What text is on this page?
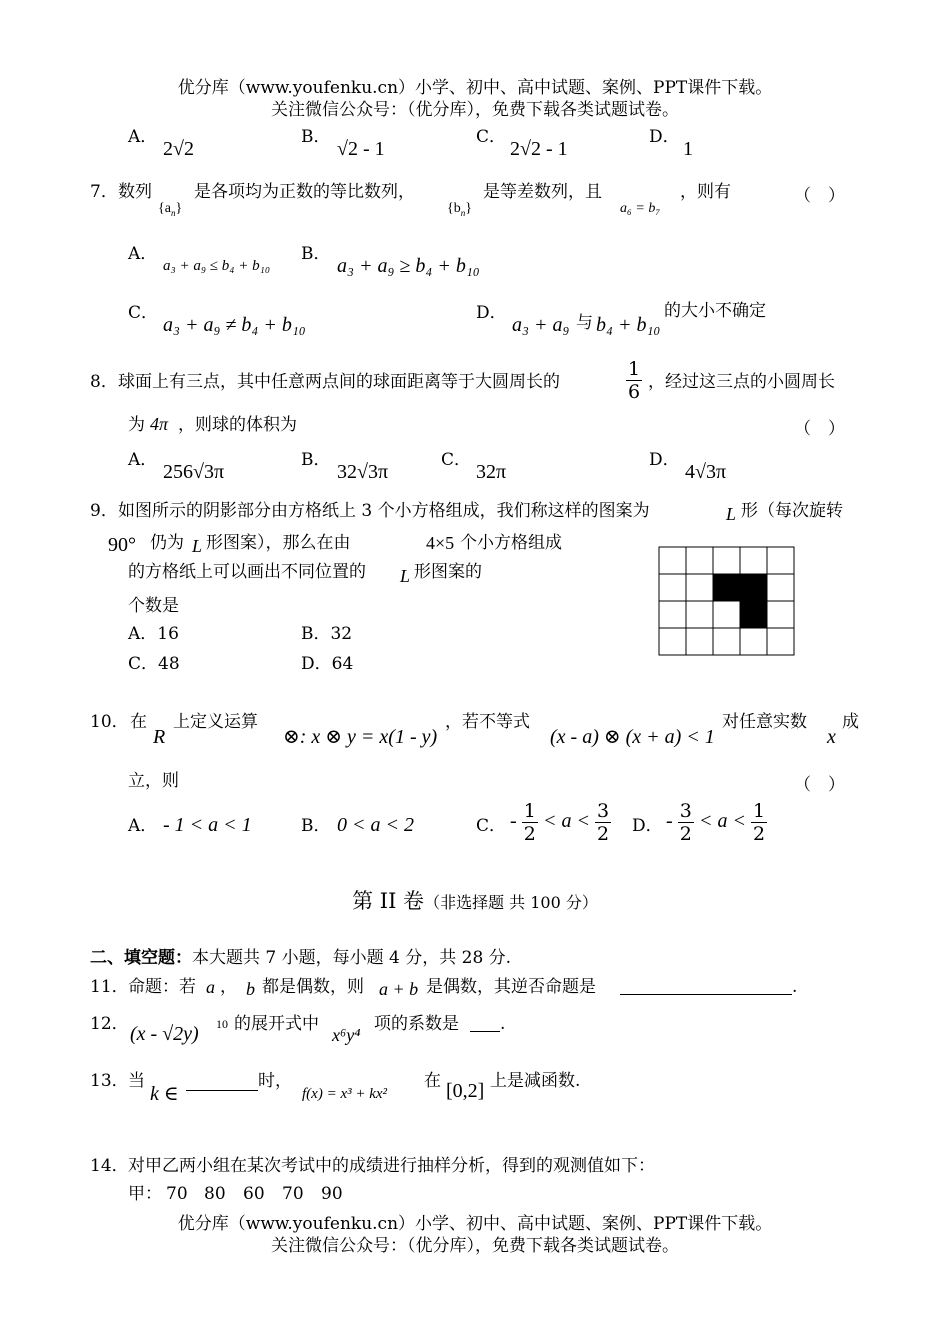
优分库（www.youfenku.cn）小学、初中、高中试题、案例、PPT课件下载。
关注微信公众号：（优分库），免费下载各类试题试卷。
A．
2√2
B．
√2 - 1
C．
2√2 - 1
D．
1
7． 数列
$\{a_n\}$
是各项均为正数的等比数列，
$\{b_n\}$
是等差数列，且
a₆ = b₇
，则有	（　）
A．
a₃ + a₉ ≤ b₄ + b₁₀
B．
a₃ + a₉ ≥ b₄ + b₁₀
C．
a₃ + a₉ ≠ b₄ + b₁₀
D．
a₃ + a₉ 与 b₄ + b₁₀
的大小不确定
8． 球面上有三点，其中任意两点间的球面距离等于大圆周长的	$\frac{1}{6}$ ，经过这三点的小圆周长
为 4π ，则球的体积为	（　）
A．
256√3π
B．
32√3π
C．
32π
D．
4√3π
9． 如图所示的阴影部分由方格纸上 3 个小方格组成，我们称这样的图案为	L 形（每次旋转
90° 仍为 L 形图案），那么在由	4×5 个小方格组成
的方格纸上可以画出不同位置的 L 形图案的
个数是
A．16	B．32
C．48	D．64
10． 在
R
上定义运算
⊗: x ⊗ y = x(1 - y)
，若不等式
(x - a) ⊗ (x + a) < 1
对任意实数
x
成
立，则	（　）
A． - 1 < a < 1	B． 0 < a < 2	C． - $\frac{1}{2} < a < \frac{3}{2}$ D． - $\frac{3}{2} < a < \frac{1}{2}$
第 II 卷（非选择题 共 100 分）
二、填空题：本大题共 7 小题，每小题 4 分，共 28 分.
11． 命题：若 a ， b 都是偶数，则 a + b 是偶数，其逆否命题是	.
12． (x - √2y) 10 的展开式中
x⁶y⁴
项的系数是 .
13． 当
k ∈
时，
f(x) = x³ + kx²
在 [0,2] 上是减函数.
14． 对甲乙两小组在某次考试中的成绩进行抽样分析，得到的观测值如下：
甲： 70 80 60 70 90
优分库（www.youfenku.cn）小学、初中、高中试题、案例、PPT课件下载。
关注微信公众号：（优分库），免费下载各类试题试卷。
